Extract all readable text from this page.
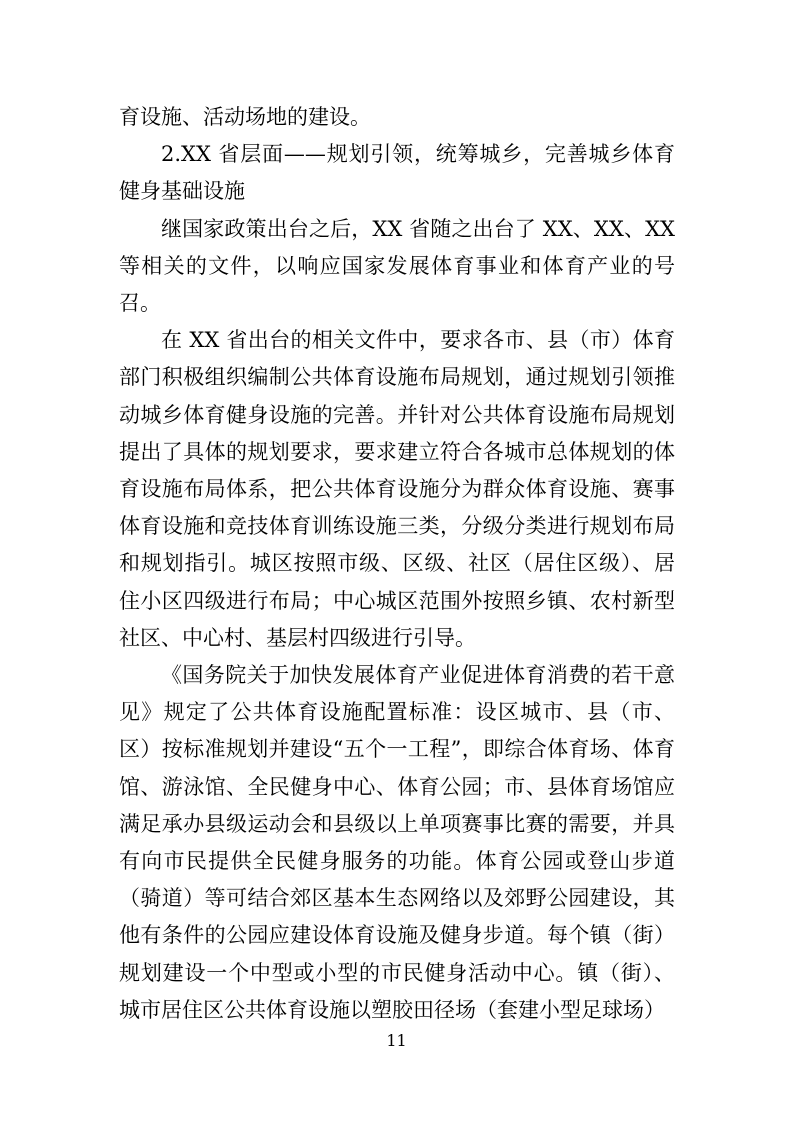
育设施、活动场地的建设。

2.XX 省层面——规划引领，统筹城乡，完善城乡体育健身基础设施

继国家政策出台之后，XX 省随之出台了 XX、XX、XX 等相关的文件，以响应国家发展体育事业和体育产业的号召。

在 XX 省出台的相关文件中，要求各市、县（市）体育部门积极组织编制公共体育设施布局规划，通过规划引领推动城乡体育健身设施的完善。并针对公共体育设施布局规划提出了具体的规划要求，要求建立符合各城市总体规划的体育设施布局体系，把公共体育设施分为群众体育设施、赛事体育设施和竞技体育训练设施三类，分级分类进行规划布局和规划指引。城区按照市级、区级、社区（居住区级）、居住小区四级进行布局；中心城区范围外按照乡镇、农村新型社区、中心村、基层村四级进行引导。

《国务院关于加快发展体育产业促进体育消费的若干意见》规定了公共体育设施配置标准：设区城市、县（市、区）按标准规划并建设“五个一工程”，即综合体育场、体育馆、游泳馆、全民健身中心、体育公园；市、县体育场馆应满足承办县级运动会和县级以上单项赛事比赛的需要，并具有向市民提供全民健身服务的功能。体育公园或登山步道（骑道）等可结合郊区基本生态网络以及郊野公园建设，其他有条件的公园应建设体育设施及健身步道。每个镇（街）规划建设一个中型或小型的市民健身活动中心。镇（街）、城市居住区公共体育设施以塑胶田径场（套建小型足球场）

11
